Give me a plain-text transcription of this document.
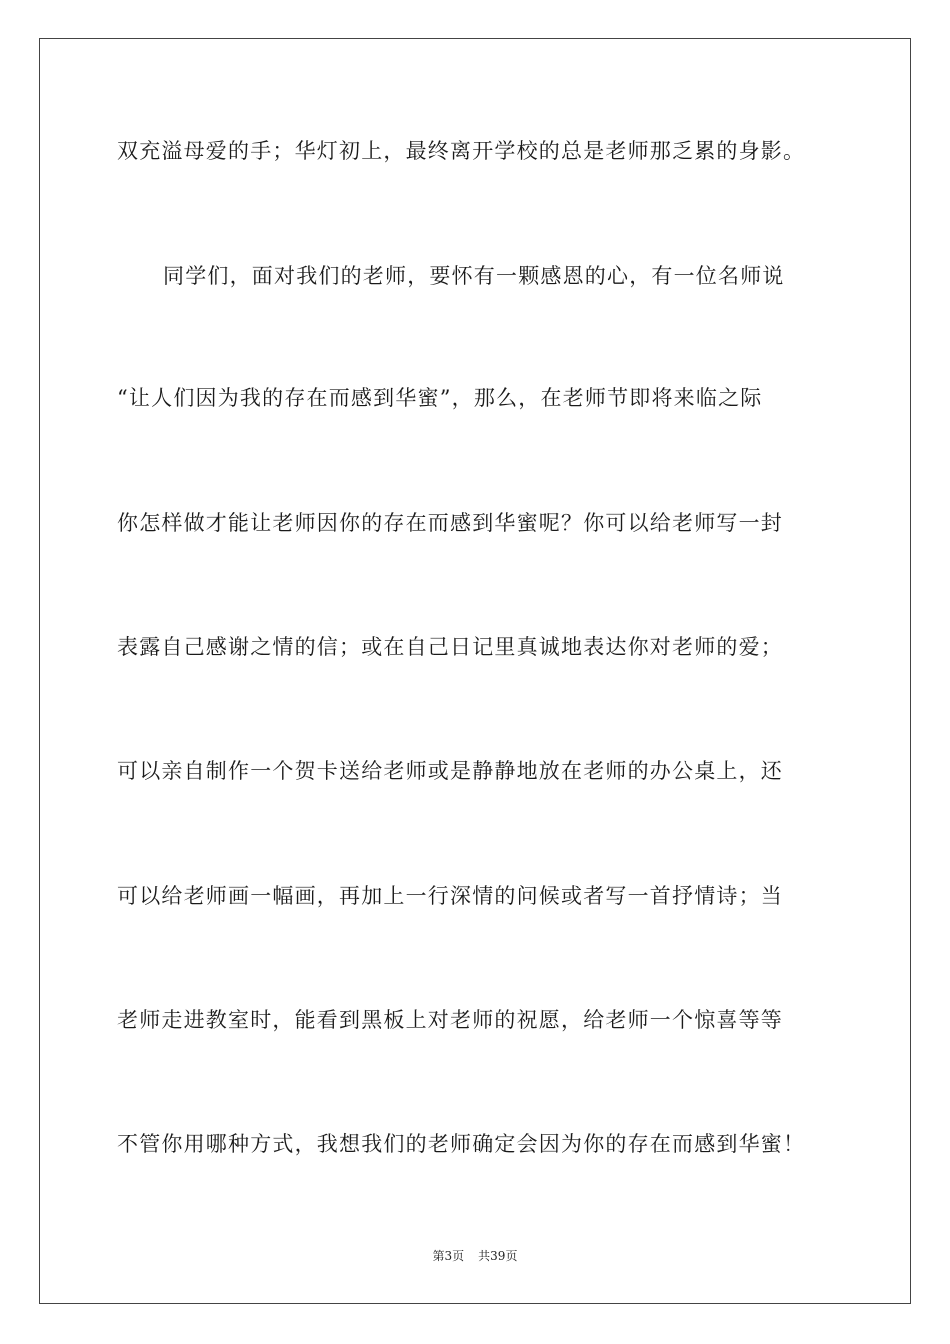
双充溢母爱的手；华灯初上，最终离开学校的总是老师那乏累的身影。
同学们，面对我们的老师，要怀有一颗感恩的心，有一位名师说
“让人们因为我的存在而感到华蜜”，那么，在老师节即将来临之际
你怎样做才能让老师因你的存在而感到华蜜呢？你可以给老师写一封
表露自己感谢之情的信；或在自己日记里真诚地表达你对老师的爱；
可以亲自制作一个贺卡送给老师或是静静地放在老师的办公桌上，还
可以给老师画一幅画，再加上一行深情的问候或者写一首抒情诗；当
老师走进教室时，能看到黑板上对老师的祝愿，给老师一个惊喜等等
不管你用哪种方式，我想我们的老师确定会因为你的存在而感到华蜜！
第3页 共39页
